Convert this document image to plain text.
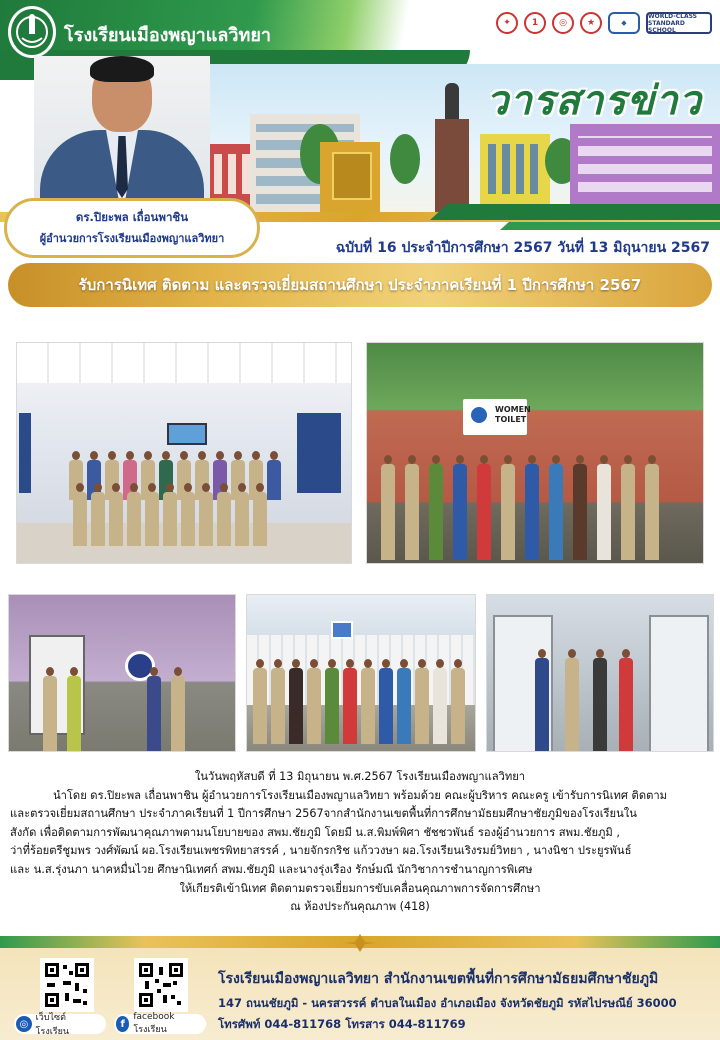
โรงเรียนเมืองพญาแลวิทยา
✦	1	◎	★	◆
WORLD-CLASS STANDARD SCHOOL
วารสารข่าว
ดร.ปิยะพล เถื่อนพาชิน
ผู้อำนวยการโรงเรียนเมืองพญาแลวิทยา
ฉบับที่ 16 ประจำปีการศึกษา 2567 วันที่ 13 มิถุนายน 2567
รับการนิเทศ ติดตาม และตรวจเยี่ยมสถานศึกษา ประจำภาคเรียนที่ 1 ปีการศึกษา 2567
WOMEN
TOILET

ในวันพฤหัสบดี ที่ 13 มิถุนายน พ.ศ.2567 โรงเรียนเมืองพญาแลวิทยา

นำโดย ดร.ปิยะพล เถื่อนพาชิน ผู้อำนวยการโรงเรียนเมืองพญาแลวิทยา พร้อมด้วย คณะผู้บริหาร คณะครู เข้ารับการนิเทศ ติดตาม

และตรวจเยี่ยมสถานศึกษา ประจำภาคเรียนที่ 1 ปีการศึกษา 2567จากสำนักงานเขตพื้นที่การศึกษามัธยมศึกษาชัยภูมิของโรงเรียนใน

สังกัด เพื่อติดตามการพัฒนาคุณภาพตามนโยบายของ สพม.ชัยภูมิ โดยมี น.ส.พิมพ์พิศา ชัชชวพันธ์ รองผู้อำนวยการ สพม.ชัยภูมิ ,

ว่าที่ร้อยตรีชูมพร วงศ์พัฒน์ ผอ.โรงเรียนเพชรพิทยาสรรค์ , นายจักรกริช แก้ววงษา ผอ.โรงเรียนเริงรมย์วิทยา , นางนิชา ประยูรพันธ์

และ น.ส.รุ่งนภา นาคหมื่นไวย ศึกษานิเทศก์ สพม.ชัยภูมิ และนางรุ่งเรือง รักษ์มณี นักวิชาการชำนาญการพิเศษ

ให้เกียรติเข้านิเทศ ติดตามตรวจเยี่ยมการขับเคลื่อนคุณภาพการจัดการศึกษา

ณ ห้องประกันคุณภาพ (418)

◎
เว็บไซต์โรงเรียน
f
facebook โรงเรียน
โรงเรียนเมืองพญาแลวิทยา สำนักงานเขตพื้นที่การศึกษามัธยมศึกษาชัยภูมิ
147 ถนนชัยภูมิ - นครสวรรค์ ตำบลในเมือง อำเภอเมือง จังหวัดชัยภูมิ รหัสไปรษณีย์ 36000
โทรศัพท์ 044-811768 โทรสาร 044-811769
